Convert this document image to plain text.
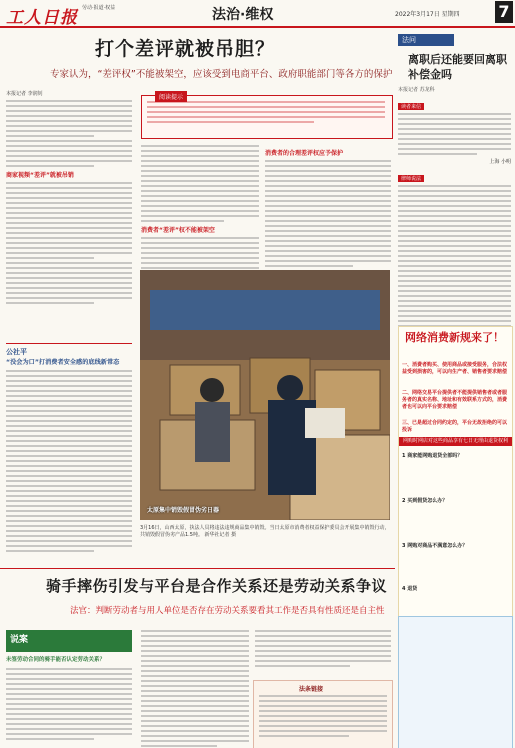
工人日报 劳动·报道·权益	法治·维权	2022年3月17日 星期四 7
打个差评就被吊胆？
专家认为，“差评权”不能被架空，应该受到电商平台、政府职能部门等各方的保护
本报记者 李润钊
商家视频“差评”就被吊销
公社平
“没会为口”打消费者安全感的底线新常态
阅读提示
消费者“差评”权不能被架空
消费者的合理差评权应予保护
太原集中销毁假冒伪劣日器
3月16日，山西太原，执法人员将违法违规商品集中销毁。当日太原市消费者权益保护委员会开展集中销毁行动，共销毁假冒伪劣产品1.5吨。 新华社记者 摄
法问
离职后还能要回离职补偿金吗
本报记者 苏龙科
读者来信
上海 小明
律师说法
网络消费新规来了！
一、消费者购买、使用商品或接受服务，合法权益受到损害的，可以向生产者、销售者要求赔偿
二、网络交易平台提供者不能提供销售者或者服务者的真实名称、地址和有效联系方式的，消费者也可以向平台要求赔偿
三、已是超过合同约定的，平台无故拒绝的可以投诉
网购时网店对这些商品享有七日无理由退货权利
1 商家能网购退货全部吗？
2 买到假货怎么办？
3 网购对商品不满意怎么办？
4 退货
骑手摔伤引发与平台是合作关系还是劳动关系争议
法官：判断劳动者与用人单位是否存在劳动关系要看其工作是否具有性质还是自主性
说案
未签劳动合同的骑手能否认定劳动关系？
法条链接
